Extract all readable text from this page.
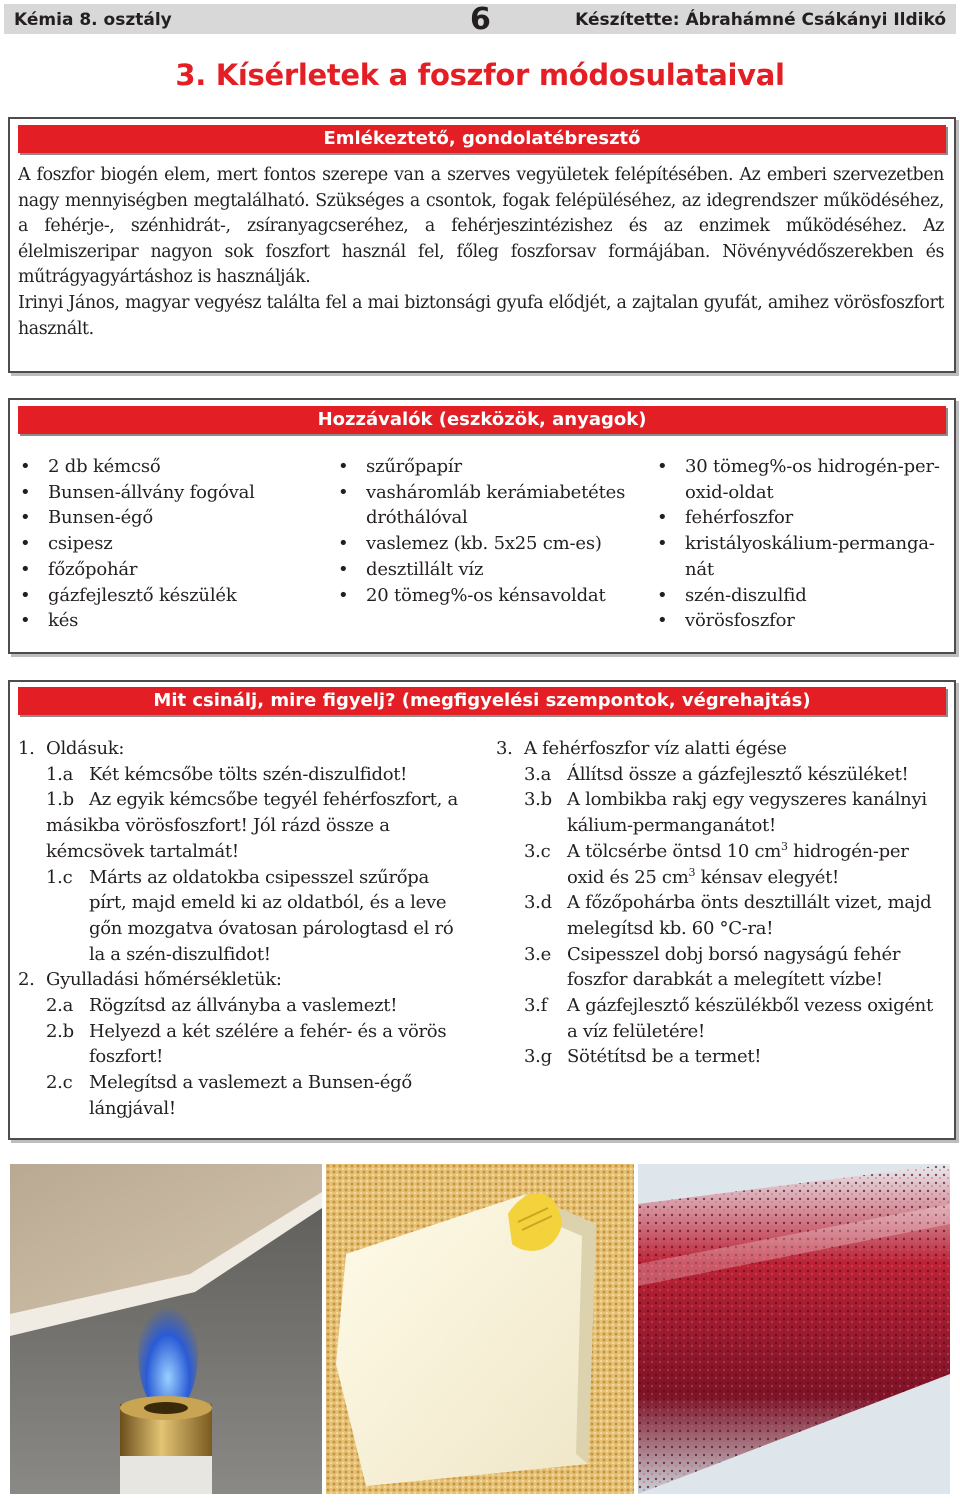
Kémia 8. osztály	6	Készítette: Ábrahámné Csákányi Ildikó
3. Kísérletek a foszfor módosulataival
Emlékeztető, gondolatébresztő

A foszfor biogén elem, mert fontos szerepe van a szerves vegyületek felépítésében. Az emberi szervezetben nagy mennyiségben megtalálható. Szükséges a csontok, fogak felépüléséhez, az idegrendszer működéséhez, a fehérje-, szénhidrát-, zsíranyagcseréhez, a fehérjeszintézishez és az enzimek működéséhez. Az élelmiszeripar nagyon sok foszfort használ fel, főleg foszforsav formájában. Növényvédőszerekben és műtrágyagyártáshoz is használják.

Irinyi János, magyar vegyész találta fel a mai biztonsági gyufa elődjét, a zajtalan gyufát, amihez vörösfoszfort használt.

Hozzávalók (eszközök, anyagok)
• 2 db kémcső
• Bunsen-állvány fogóval
• Bunsen-égő
• csipesz
• főzőpohár
• gázfejlesztő készülék
• kés
• szűrőpapír
• vasháromláb kerámiabetétes dróthálóval
• vaslemez (kb. 5x25 cm-es)
• desztillált víz
• 20 tömeg%-os kénsavoldat
• 30 tömeg%-os hidrogén-peroxid-oldat
• fehérfoszfor
• kristályoskálium-permanganát
• szén-diszulfid
• vörösfoszfor
Mit csinálj, mire figyelj? (megfigyelési szempontok, végrehajtás)
1. Oldásuk:
1.a Két kémcsőbe tölts szén-diszulfidot!
1.b Az egyik kémcsőbe tegyél fehérfoszfort, a másikba vörösfoszfort! Jól rázd össze a kémcsövek tartalmát!
1.c Márts az oldatokba csipesszel szűrőpa pírt, majd emeld ki az oldatból, és a leve gőn mozgatva óvatosan párologtasd el ró la a szén-diszulfidot!
2. Gyulladási hőmérsékletük:
2.a Rögzítsd az állványba a vaslemezt!
2.b Helyezd a két szélére a fehér- és a vörös foszfort!
2.c Melegítsd a vaslemezt a Bunsen-égő lángjával!
3. A fehérfoszfor víz alatti égése
3.a Állítsd össze a gázfejlesztő készüléket!
3.b A lombikba rakj egy vegyszeres kanálnyi kálium-permanganátot!
3.c A tölcsérbe öntsd 10 $cm^3$ hidrogén-per oxid és 25 $cm^3$ kénsav elegyét!
3.d A főzőpohárba önts desztillált vizet, majd melegítsd kb. 60 °C-ra!
3.e Csipesszel dobj borsó nagyságú fehér foszfor darabkát a melegített vízbe!
3.f A gázfejlesztő készülékből vezess oxigént a víz felületére!
3.g Sötétítsd be a termet!
